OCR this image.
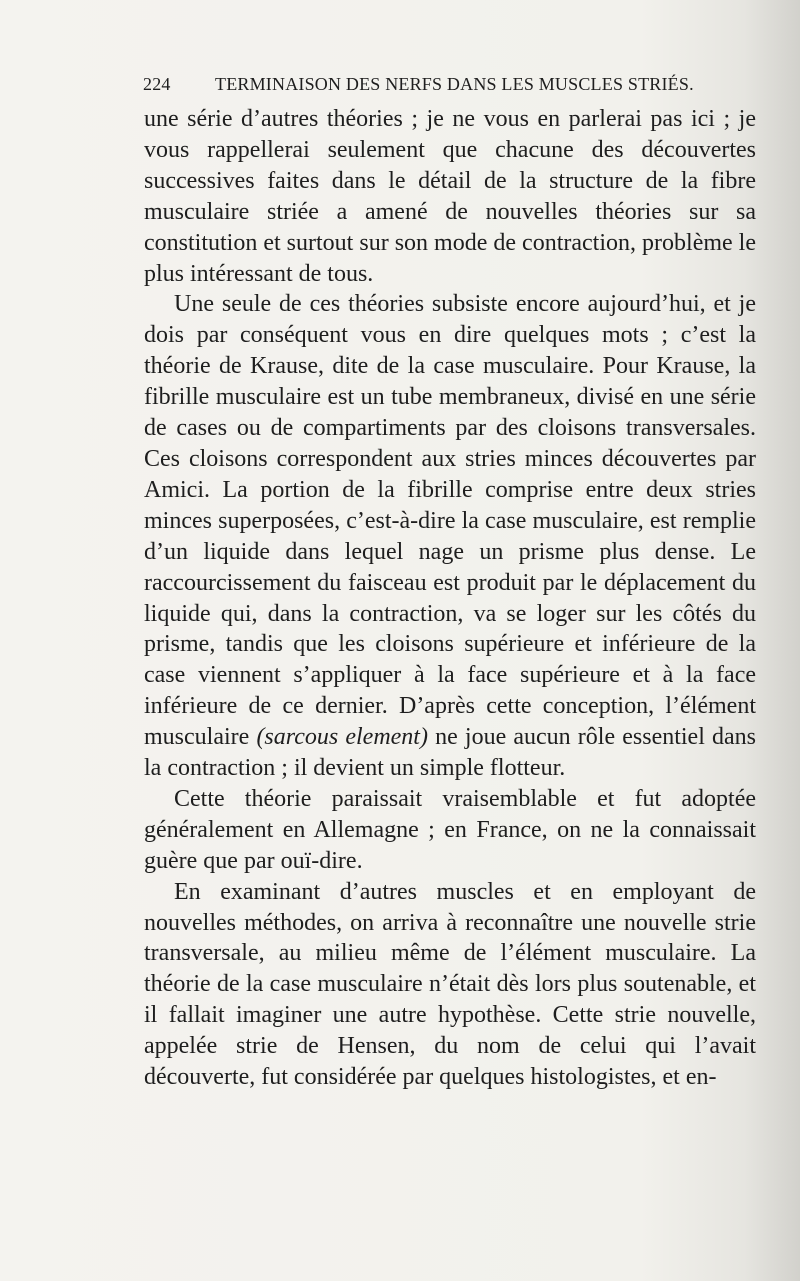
224 TERMINAISON DES NERFS DANS LES MUSCLES STRIÉS.

une série d’autres théories ; je ne vous en parlerai pas ici ; je vous rappellerai seulement que chacune des découvertes successives faites dans le détail de la structure de la fibre musculaire striée a amené de nouvelles théories sur sa constitution et surtout sur son mode de contraction, problème le plus intéressant de tous.

Une seule de ces théories subsiste encore aujourd’hui, et je dois par conséquent vous en dire quelques mots ; c’est la théorie de Krause, dite de la case musculaire. Pour Krause, la fibrille musculaire est un tube membraneux, divisé en une série de cases ou de compartiments par des cloisons transversales. Ces cloisons correspondent aux stries minces découvertes par Amici. La portion de la fibrille comprise entre deux stries minces superposées, c’est-à-dire la case musculaire, est remplie d’un liquide dans lequel nage un prisme plus dense. Le raccourcissement du faisceau est produit par le déplacement du liquide qui, dans la contraction, va se loger sur les côtés du prisme, tandis que les cloisons supérieure et inférieure de la case viennent s’appliquer à la face supérieure et à la face inférieure de ce dernier. D’après cette conception, l’élément musculaire (sarcous element) ne joue aucun rôle essentiel dans la contraction ; il devient un simple flotteur.

Cette théorie paraissait vraisemblable et fut adoptée généralement en Allemagne ; en France, on ne la connaissait guère que par ouï-dire.

En examinant d’autres muscles et en employant de nouvelles méthodes, on arriva à reconnaître une nouvelle strie transversale, au milieu même de l’élément musculaire. La théorie de la case musculaire n’était dès lors plus soutenable, et il fallait imaginer une autre hypothèse. Cette strie nouvelle, appelée strie de Hensen, du nom de celui qui l’avait découverte, fut considérée par quelques histologistes, et en-
